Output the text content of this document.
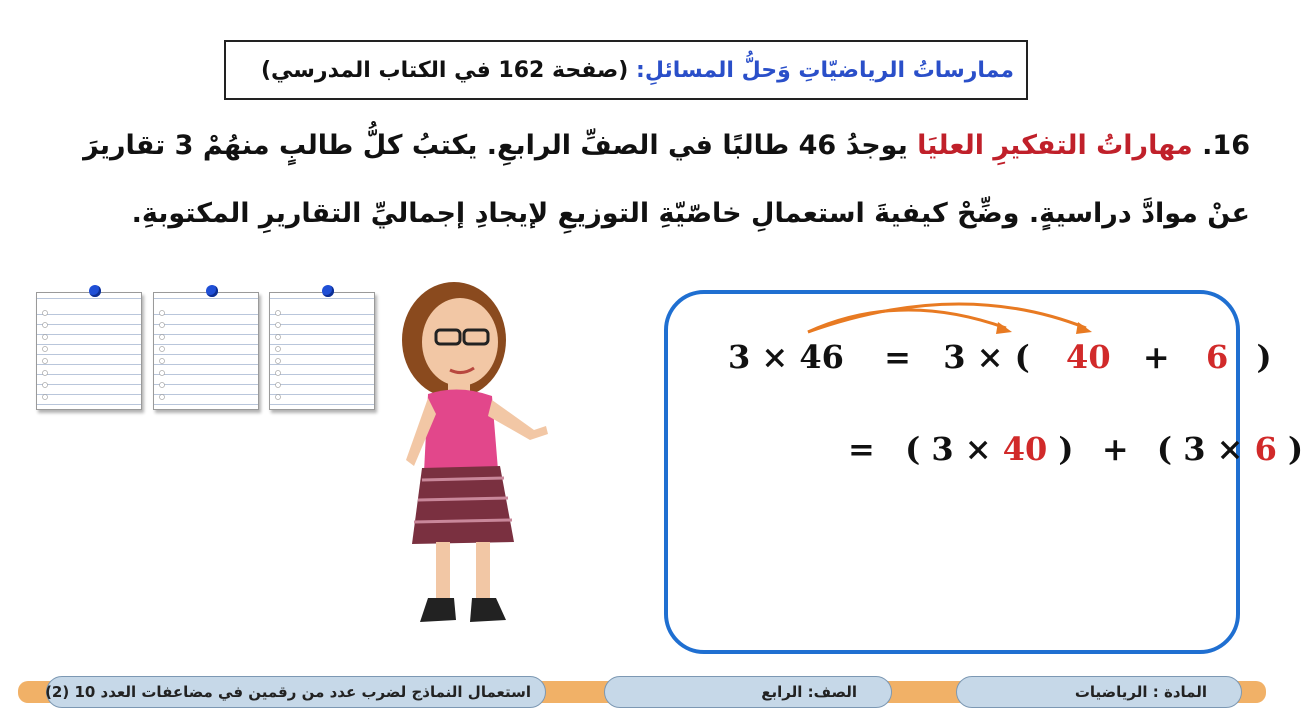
ممارساتُ الرياضيّاتِ وَحلُّ المسائلِ:

(صفحة 162 في الكتاب المدرسي)
16. مهاراتُ التفكيرِ العليَا يوجدُ 46 طالبًا في الصفِّ الرابعِ. يكتبُ كلُّ طالبٍ منهُمْ 3 تقاريرَ
عنْ موادَّ دراسيةٍ. وضِّحْ كيفيةَ استعمالِ خاصّيّةِ التوزيعِ لإيجادِ إجماليِّ التقاريرِ المكتوبةِ.
3 × 46 = 3 × ( 40 + 6 )
= ( 3 × 40 ) + ( 3 × 6 )
المادة : الرياضيات
الصف: الرابع
استعمال النماذج لضرب عدد من رقمين في مضاعفات العدد 10 (2)
